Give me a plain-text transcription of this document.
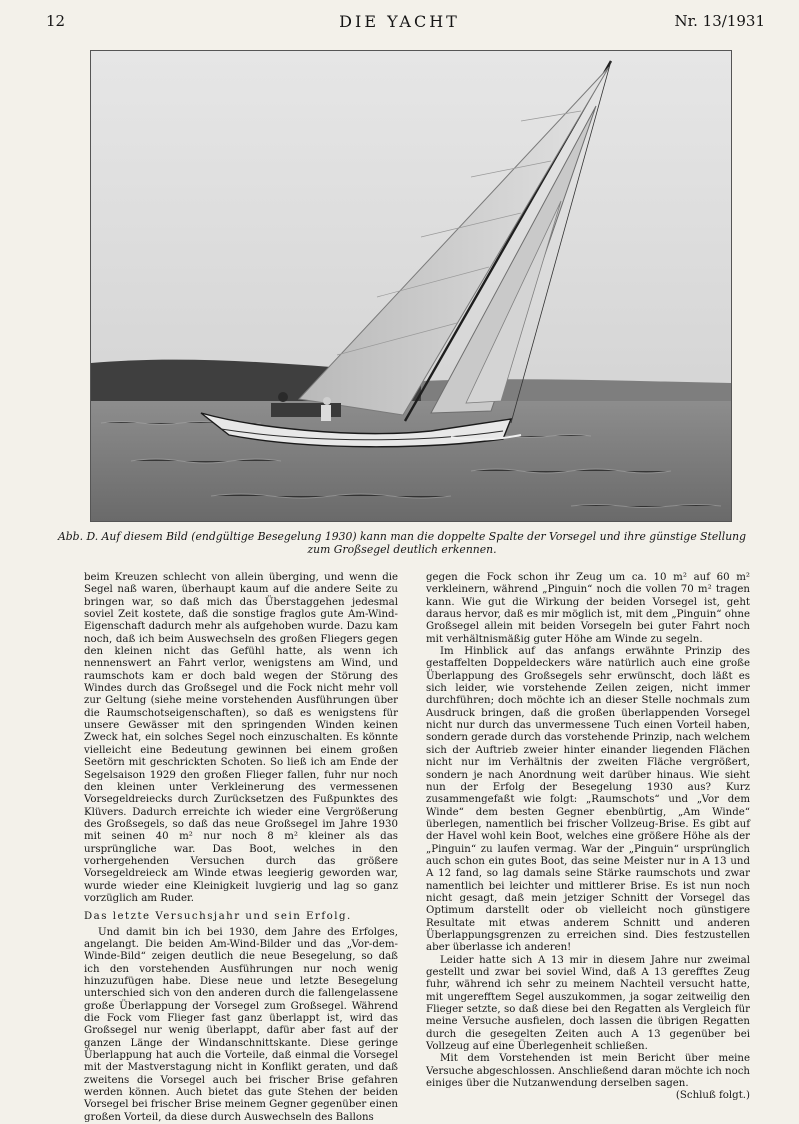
12	DIE YACHT	Nr. 13/1931
Abb. D. Auf diesem Bild (endgültige Besegelung 1930) kann man die doppelte Spalte der Vorsegel und ihre günstige Stellung zum Großsegel deutlich erkennen.

beim Kreuzen schlecht von allein überging, und wenn die Segel naß waren, überhaupt kaum auf die andere Seite zu bringen war, so daß mich das Überstaggehen jedesmal soviel Zeit kostete, daß die sonstige fraglos gute Am-Wind-Eigenschaft dadurch mehr als aufgehoben wurde. Dazu kam noch, daß ich beim Auswechseln des großen Fliegers gegen den kleinen nicht das Gefühl hatte, als wenn ich nennenswert an Fahrt verlor, wenigstens am Wind, und raumschots kam er doch bald wegen der Störung des Windes durch das Großsegel und die Fock nicht mehr voll zur Geltung (siehe meine vorstehenden Ausführungen über die Raumschotseigenschaften), so daß es wenigstens für unsere Gewässer mit den springenden Winden keinen Zweck hat, ein solches Segel noch einzuschalten. Es könnte vielleicht eine Bedeutung gewinnen bei einem großen Seetörn mit geschrickten Schoten. So ließ ich am Ende der Segelsaison 1929 den großen Flieger fallen, fuhr nur noch den kleinen unter Verkleinerung des vermessenen Vorsegeldreiecks durch Zurücksetzen des Fußpunktes des Klüvers. Dadurch erreichte ich wieder eine Vergrößerung des Großsegels, so daß das neue Großsegel im Jahre 1930 mit seinen 40 m² nur noch 8 m² kleiner als das ursprüngliche war. Das Boot, welches in den vorhergehenden Versuchen durch das größere Vorsegeldreieck am Winde etwas leegierig geworden war, wurde wieder eine Kleinigkeit luvgierig und lag so ganz vorzüglich am Ruder.

Das letzte Versuchsjahr und sein Erfolg.

Und damit bin ich bei 1930, dem Jahre des Erfolges, angelangt. Die beiden Am-Wind-Bilder und das „Vor-dem-Winde-Bild“ zeigen deutlich die neue Besegelung, so daß ich den vorstehenden Ausführungen nur noch wenig hinzuzufügen habe. Diese neue und letzte Besegelung unterschied sich von den anderen durch die fallengelassene große Überlappung der Vorsegel zum Großsegel. Während die Fock vom Flieger fast ganz überlappt ist, wird das Großsegel nur wenig überlappt, dafür aber fast auf der ganzen Länge der Windanschnittskante. Diese geringe Überlappung hat auch die Vorteile, daß einmal die Vorsegel mit der Mastverstagung nicht in Konflikt geraten, und daß zweitens die Vorsegel auch bei frischer Brise gefahren werden können. Auch bietet das gute Stehen der beiden Vorsegel bei frischer Brise meinem Gegner gegenüber einen großen Vorteil, da diese durch Auswechseln des Ballons

gegen die Fock schon ihr Zeug um ca. 10 m² auf 60 m² verkleinern, während „Pinguin“ noch die vollen 70 m² tragen kann. Wie gut die Wirkung der beiden Vorsegel ist, geht daraus hervor, daß es mir möglich ist, mit dem „Pinguin“ ohne Großsegel allein mit beiden Vorsegeln bei guter Fahrt noch mit verhältnismäßig guter Höhe am Winde zu segeln.

Im Hinblick auf das anfangs erwähnte Prinzip des gestaffelten Doppeldeckers wäre natürlich auch eine große Überlappung des Großsegels sehr erwünscht, doch läßt es sich leider, wie vorstehende Zeilen zeigen, nicht immer durchführen; doch möchte ich an dieser Stelle nochmals zum Ausdruck bringen, daß die großen überlappenden Vorsegel nicht nur durch das unvermessene Tuch einen Vorteil haben, sondern gerade durch das vorstehende Prinzip, nach welchem sich der Auftrieb zweier hinter einander liegenden Flächen nicht nur im Verhältnis der zweiten Fläche vergrößert, sondern je nach Anordnung weit darüber hinaus. Wie sieht nun der Erfolg der Besegelung 1930 aus? Kurz zusammengefaßt wie folgt: „Raumschots“ und „Vor dem Winde“ dem besten Gegner ebenbürtig, „Am Winde“ überlegen, namentlich bei frischer Vollzeug-Brise. Es gibt auf der Havel wohl kein Boot, welches eine größere Höhe als der „Pinguin“ zu laufen vermag. War der „Pinguin“ ursprünglich auch schon ein gutes Boot, das seine Meister nur in A 13 und A 12 fand, so lag damals seine Stärke raumschots und zwar namentlich bei leichter und mittlerer Brise. Es ist nun noch nicht gesagt, daß mein jetziger Schnitt der Vorsegel das Optimum darstellt oder ob vielleicht noch günstigere Resultate mit etwas anderem Schnitt und anderen Überlappungsgrenzen zu erreichen sind. Dies festzustellen aber überlasse ich anderen!

Leider hatte sich A 13 mir in diesem Jahre nur zweimal gestellt und zwar bei soviel Wind, daß A 13 gerefftes Zeug fuhr, während ich sehr zu meinem Nachteil versucht hatte, mit ungerefftem Segel auszukommen, ja sogar zeitweilig den Flieger setzte, so daß diese bei den Regatten als Vergleich für meine Versuche ausfielen, doch lassen die übrigen Regatten durch die gesegelten Zeiten auch A 13 gegenüber bei Vollzeug auf eine Überlegenheit schließen.

Mit dem Vorstehenden ist mein Bericht über meine Versuche abgeschlossen. Anschließend daran möchte ich noch einiges über die Nutzanwendung derselben sagen.

(Schluß folgt.)
